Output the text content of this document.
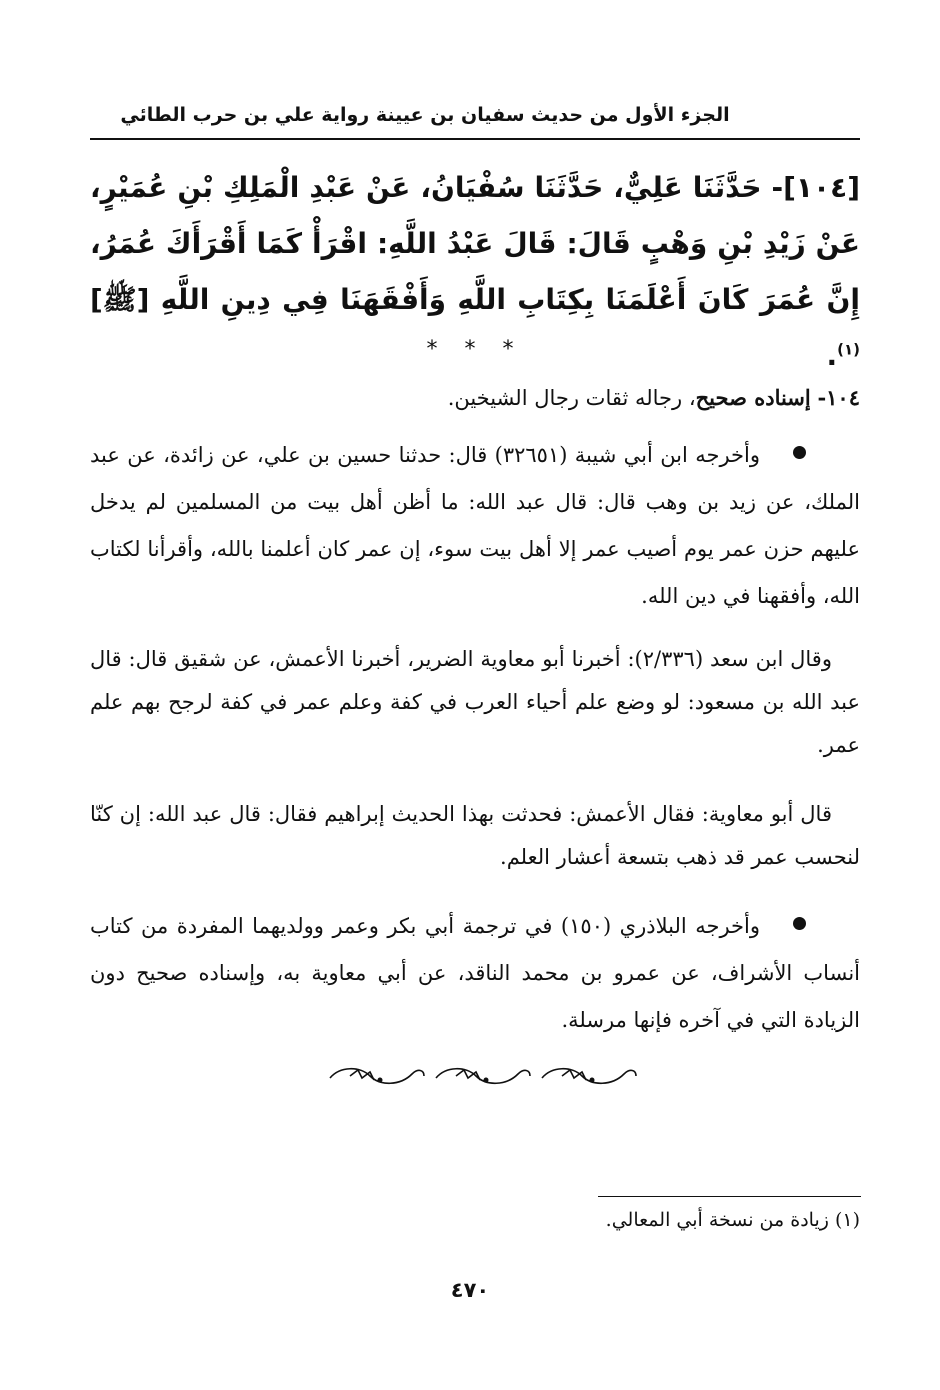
الجزء الأول من حديث سفيان بن عيينة رواية علي بن حرب الطائي

[١٠٤]- حَدَّثَنَا عَلِيٌّ، حَدَّثَنَا سُفْيَانُ، عَنْ عَبْدِ الْمَلِكِ بْنِ عُمَيْرٍ، عَنْ زَيْدِ بْنِ وَهْبٍ قَالَ: قَالَ عَبْدُ اللَّهِ: اقْرَأْ كَمَا أَقْرَأَكَ عُمَرُ، إِنَّ عُمَرَ كَانَ أَعْلَمَنَا بِكِتَابِ اللَّهِ وَأَفْقَهَنَا فِي دِينِ اللَّهِ [ﷺ]$^{(١)}$.

* * *

١٠٤- إسناده صحيح، رجاله ثقات رجال الشيخين.

وأخرجه ابن أبي شيبة (٣٢٦٥١) قال: حدثنا حسين بن علي، عن زائدة، عن عبد الملك، عن زيد بن وهب قال: قال عبد الله: ما أظن أهل بيت من المسلمين لم يدخل عليهم حزن عمر يوم أصيب عمر إلا أهل بيت سوء، إن عمر كان أعلمنا بالله، وأقرأنا لكتاب الله، وأفقهنا في دين الله.

وقال ابن سعد (٢/٣٣٦): أخبرنا أبو معاوية الضرير، أخبرنا الأعمش، عن شقيق قال: قال عبد الله بن مسعود: لو وضع علم أحياء العرب في كفة وعلم عمر في كفة لرجح بهم علم عمر.

قال أبو معاوية: فقال الأعمش: فحدثت بهذا الحديث إبراهيم فقال: قال عبد الله: إن كنّا لنحسب عمر قد ذهب بتسعة أعشار العلم.

وأخرجه البلاذري (١٥٠) في ترجمة أبي بكر وعمر وولديهما المفردة من كتاب أنساب الأشراف، عن عمرو بن محمد الناقد، عن أبي معاوية به، وإسناده صحيح دون الزيادة التي في آخره فإنها مرسلة.

(١) زيادة من نسخة أبي المعالي.
٤٧٠
